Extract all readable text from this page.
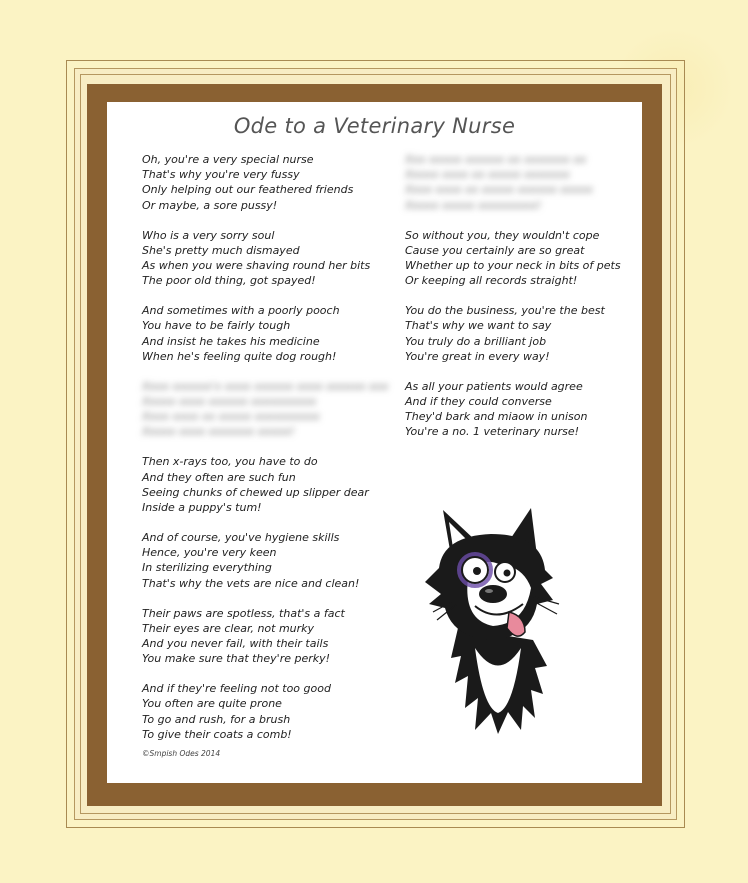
Ode to a Veterinary Nurse
Oh, you're a very special nurse
That's why you're very fussy
Only helping out our feathered friends
Or maybe, a sore pussy!
Who is a very sorry soul
She's pretty much dismayed
As when you were shaving round her bits
The poor old thing, got spayed!
And sometimes with a poorly pooch
You have to be fairly tough
And insist he takes his medicine
When he's feeling quite dog rough!
Xxxx xxxxxx'x xxxx xxxxxx xxxx xxxxxx xxx
Xxxxx xxxx xxxxxx xxxxxxxxxx
Xxxx xxxx xx xxxxx xxxxxxxxxx
Xxxxx xxxx xxxxxxx xxxxx!
Then x-rays too, you have to do
And they often are such fun
Seeing chunks of chewed up slipper dear
Inside a puppy's tum!
And of course, you've hygiene skills
Hence, you're very keen
In sterilizing everything
That's why the vets are nice and clean!
Their paws are spotless, that's a fact
Their eyes are clear, not murky
And you never fail, with their tails
You make sure that they're perky!
And if they're feeling not too good
You often are quite prone
To go and rush, for a brush
To give their coats a comb!
Xxx xxxxx xxxxxx xx xxxxxxx xx
Xxxxx xxxx xx xxxxx xxxxxxx
Xxxx xxxx xx xxxxx xxxxxx xxxxx
Xxxxx xxxxx xxxxxxxxx!
So without you, they wouldn't cope
Cause you certainly are so great
Whether up to your neck in bits of pets
Or keeping all records straight!
You do the business, you're the best
That's why we want to say
You truly do a brilliant job
You're great in every way!
As all your patients would agree
And if they could converse
They'd bark and miaow in unison
You're a no. 1 veterinary nurse!
©Smpish Odes 2014
